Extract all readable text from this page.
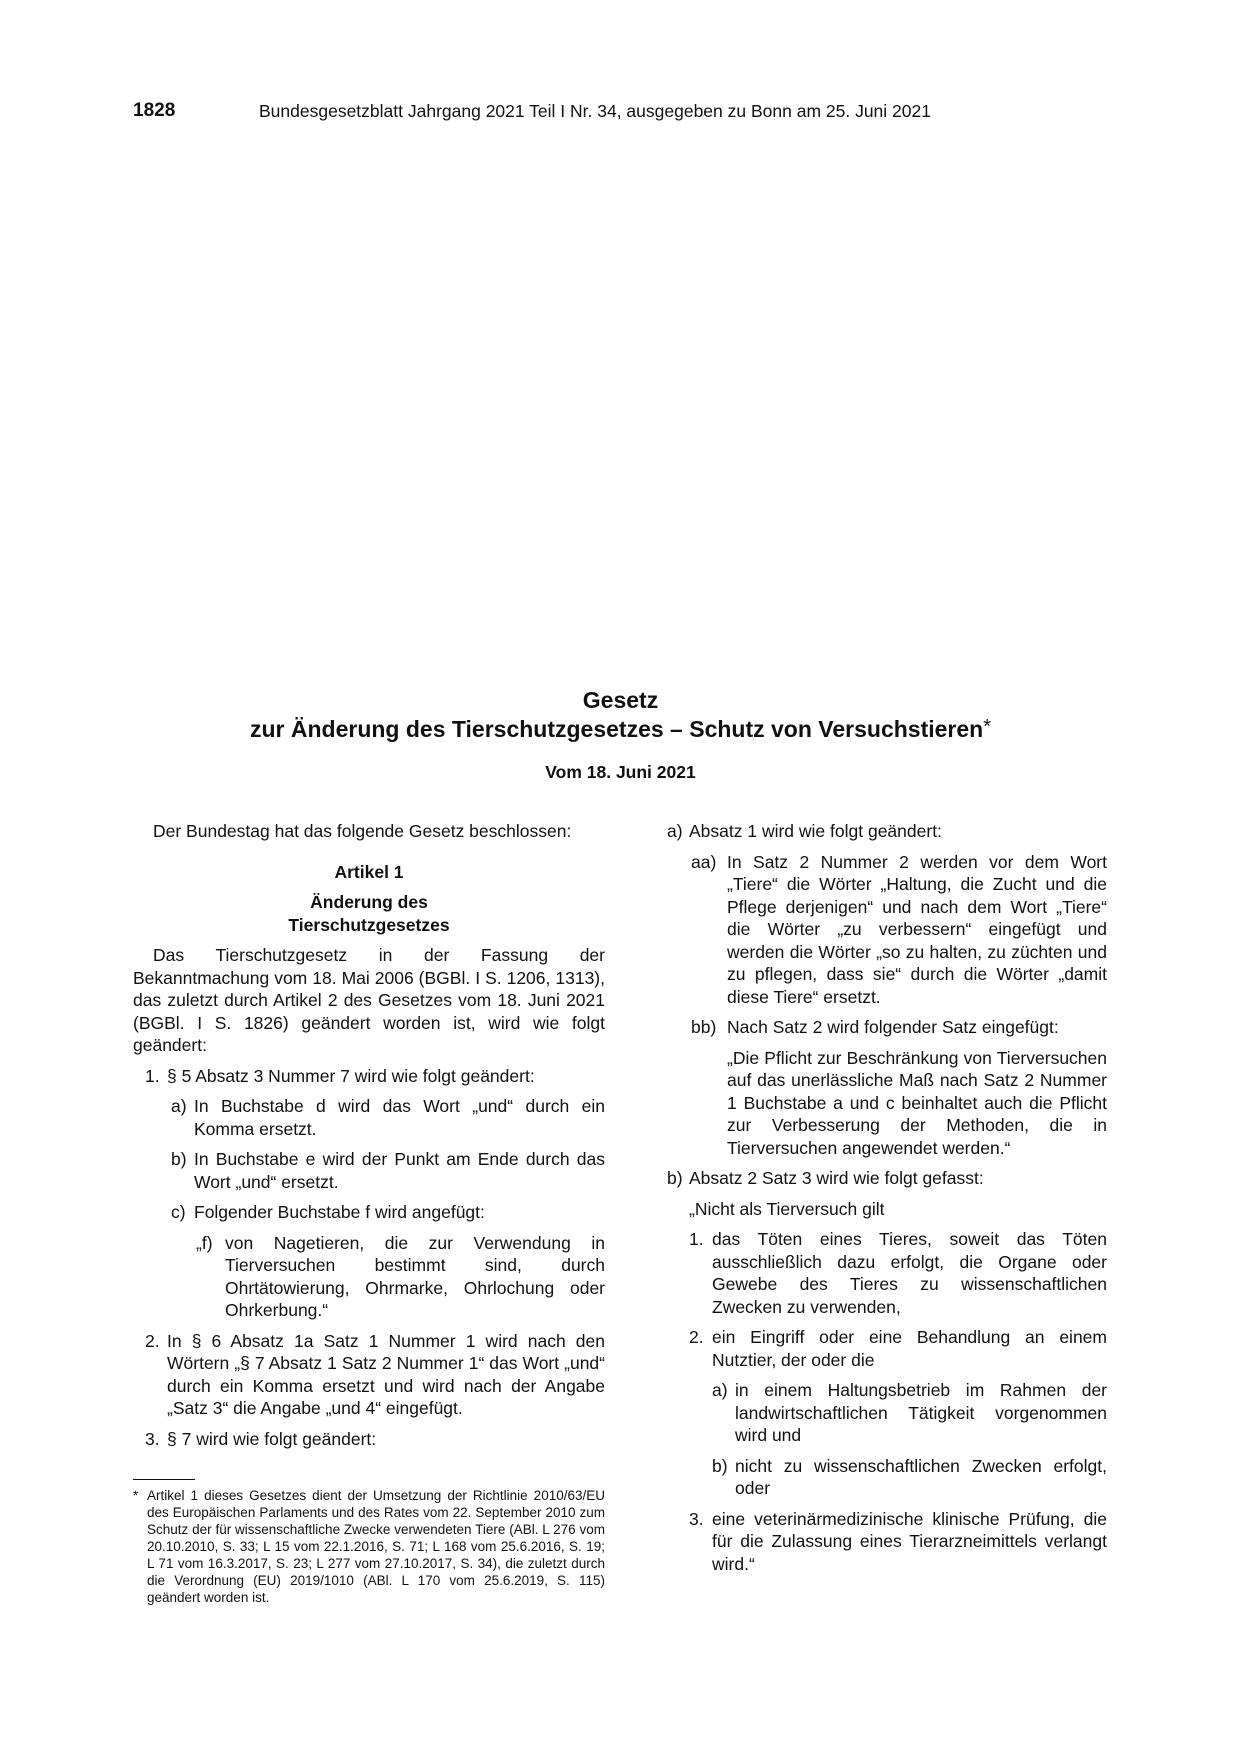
1828	Bundesgesetzblatt Jahrgang 2021 Teil I Nr. 34, ausgegeben zu Bonn am 25. Juni 2021
Gesetz
zur Änderung des Tierschutzgesetzes – Schutz von Versuchstieren*
Vom 18. Juni 2021

Der Bundestag hat das folgende Gesetz beschlossen:

Artikel 1

Änderung des

Tierschutzgesetzes

Das Tierschutzgesetz in der Fassung der Bekanntmachung vom 18. Mai 2006 (BGBl. I S. 1206, 1313), das zuletzt durch Artikel 2 des Gesetzes vom 18. Juni 2021 (BGBl. I S. 1826) geändert worden ist, wird wie folgt geändert:

1. § 5 Absatz 3 Nummer 7 wird wie folgt geändert:

a) In Buchstabe d wird das Wort „und“ durch ein Komma ersetzt.

b) In Buchstabe e wird der Punkt am Ende durch das Wort „und“ ersetzt.

c) Folgender Buchstabe f wird angefügt:

„f) von Nagetieren, die zur Verwendung in Tierversuchen bestimmt sind, durch Ohrtätowierung, Ohrmarke, Ohrlochung oder Ohrkerbung.“

2. In § 6 Absatz 1a Satz 1 Nummer 1 wird nach den Wörtern „§ 7 Absatz 1 Satz 2 Nummer 1“ das Wort „und“ durch ein Komma ersetzt und wird nach der Angabe „Satz 3“ die Angabe „und 4“ eingefügt.

3. § 7 wird wie folgt geändert:

* Artikel 1 dieses Gesetzes dient der Umsetzung der Richtlinie 2010/63/EU des Europäischen Parlaments und des Rates vom 22. September 2010 zum Schutz der für wissenschaftliche Zwecke verwendeten Tiere (ABl. L 276 vom 20.10.2010, S. 33; L 15 vom 22.1.2016, S. 71; L 168 vom 25.6.2016, S. 19; L 71 vom 16.3.2017, S. 23; L 277 vom 27.10.2017, S. 34), die zuletzt durch die Verordnung (EU) 2019/1010 (ABl. L 170 vom 25.6.2019, S. 115) geändert worden ist.

a) Absatz 1 wird wie folgt geändert:

aa) In Satz 2 Nummer 2 werden vor dem Wort „Tiere“ die Wörter „Haltung, die Zucht und die Pflege derjenigen“ und nach dem Wort „Tiere“ die Wörter „zu verbessern“ eingefügt und werden die Wörter „so zu halten, zu züchten und zu pflegen, dass sie“ durch die Wörter „damit diese Tiere“ ersetzt.

bb) Nach Satz 2 wird folgender Satz eingefügt:

„Die Pflicht zur Beschränkung von Tierversuchen auf das unerlässliche Maß nach Satz 2 Nummer 1 Buchstabe a und c beinhaltet auch die Pflicht zur Verbesserung der Methoden, die in Tierversuchen angewendet werden.“

b) Absatz 2 Satz 3 wird wie folgt gefasst:

„Nicht als Tierversuch gilt

1. das Töten eines Tieres, soweit das Töten ausschließlich dazu erfolgt, die Organe oder Gewebe des Tieres zu wissenschaftlichen Zwecken zu verwenden,

2. ein Eingriff oder eine Behandlung an einem Nutztier, der oder die

a) in einem Haltungsbetrieb im Rahmen der landwirtschaftlichen Tätigkeit vorgenommen wird und

b) nicht zu wissenschaftlichen Zwecken erfolgt, oder

3. eine veterinärmedizinische klinische Prüfung, die für die Zulassung eines Tierarzneimittels verlangt wird.“
